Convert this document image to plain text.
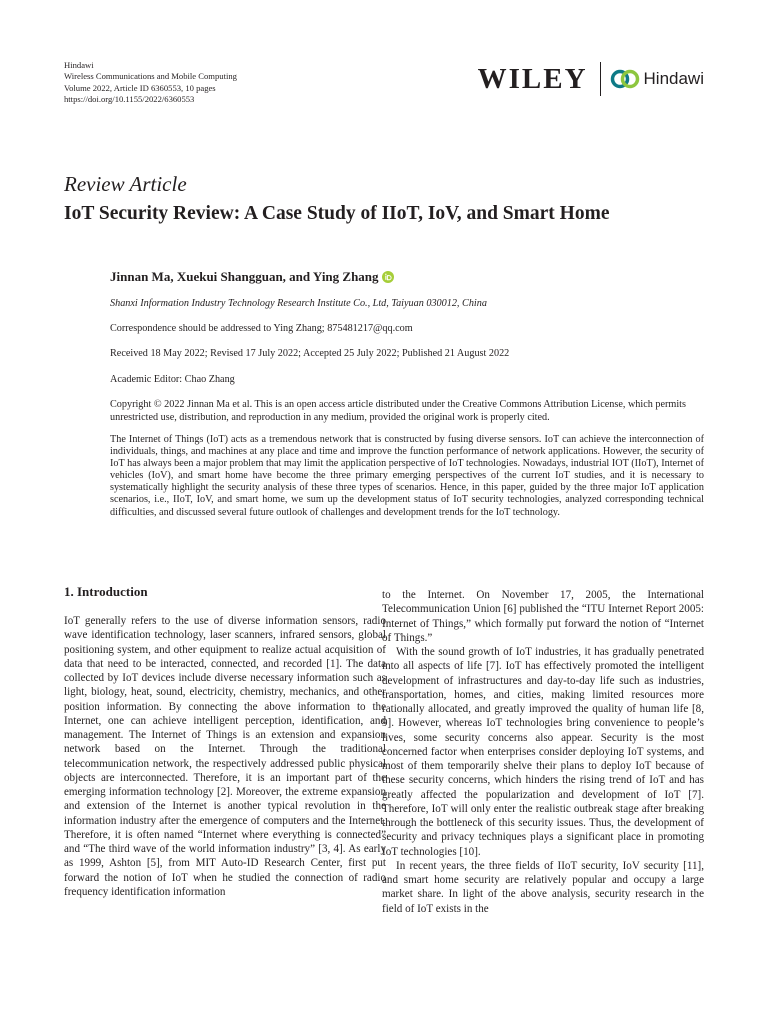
Hindawi
Wireless Communications and Mobile Computing
Volume 2022, Article ID 6360553, 10 pages
https://doi.org/10.1155/2022/6360553
WILEY	Hindawi
Review Article
IoT Security Review: A Case Study of IIoT, IoV, and Smart Home
Jinnan Ma, Xuekui Shangguan, and Ying Zhang
Shanxi Information Industry Technology Research Institute Co., Ltd, Taiyuan 030012, China
Correspondence should be addressed to Ying Zhang; 875481217@qq.com
Received 18 May 2022; Revised 17 July 2022; Accepted 25 July 2022; Published 21 August 2022
Academic Editor: Chao Zhang
Copyright © 2022 Jinnan Ma et al. This is an open access article distributed under the Creative Commons Attribution License, which permits unrestricted use, distribution, and reproduction in any medium, provided the original work is properly cited.
The Internet of Things (IoT) acts as a tremendous network that is constructed by fusing diverse sensors. IoT can achieve the interconnection of individuals, things, and machines at any place and time and improve the function performance of network applications. However, the security of IoT has always been a major problem that may limit the application perspective of IoT technologies. Nowadays, industrial IOT (IIoT), Internet of vehicles (IoV), and smart home have become the three primary emerging perspectives of the current IoT studies, and it is necessary to systematically highlight the security analysis of these three types of scenarios. Hence, in this paper, guided by the three major IoT application scenarios, i.e., IIoT, IoV, and smart home, we sum up the development status of IoT security technologies, analyzed corresponding technical difficulties, and discussed several future outlook of challenges and development trends for the IoT technology.
1. Introduction

IoT generally refers to the use of diverse information sensors, radio wave identification technology, laser scanners, infrared sensors, global positioning system, and other equipment to realize actual acquisition of data that need to be interacted, connected, and recorded [1]. The data collected by IoT devices include diverse necessary information such as light, biology, heat, sound, electricity, chemistry, mechanics, and other position information. By connecting the above information to the Internet, one can achieve intelligent perception, identification, and management. The Internet of Things is an extension and expansion network based on the Internet. Through the traditional telecommunication network, the respectively addressed public physical objects are interconnected. Therefore, it is an important part of the emerging information technology [2]. Moreover, the extreme expansion and extension of the Internet is another typical revolution in the information industry after the emergence of computers and the Internet. Therefore, it is often named “Internet where everything is connected” and “The third wave of the world information industry” [3, 4]. As early as 1999, Ashton [5], from MIT Auto-ID Research Center, first put forward the notion of IoT when he studied the connection of radio frequency identification information

to the Internet. On November 17, 2005, the International Telecommunication Union [6] published the “ITU Internet Report 2005: Internet of Things,” which formally put forward the notion of “Internet of Things.”

With the sound growth of IoT industries, it has gradually penetrated into all aspects of life [7]. IoT has effectively promoted the intelligent development of infrastructures and day-to-day life such as industries, transportation, homes, and cities, making limited resources more rationally allocated, and greatly improved the quality of human life [8, 9]. However, whereas IoT technologies bring convenience to people’s lives, some security concerns also appear. Security is the most concerned factor when enterprises consider deploying IoT systems, and most of them temporarily shelve their plans to deploy IoT because of these security concerns, which hinders the rising trend of IoT and has greatly affected the popularization and development of IoT [7]. Therefore, IoT will only enter the realistic outbreak stage after breaking through the bottleneck of this security issues. Thus, the development of security and privacy techniques plays a significant place in promoting IoT technologies [10].

In recent years, the three fields of IIoT security, IoV security [11], and smart home security are relatively popular and occupy a large market share. In light of the above analysis, security research in the field of IoT exists in the
